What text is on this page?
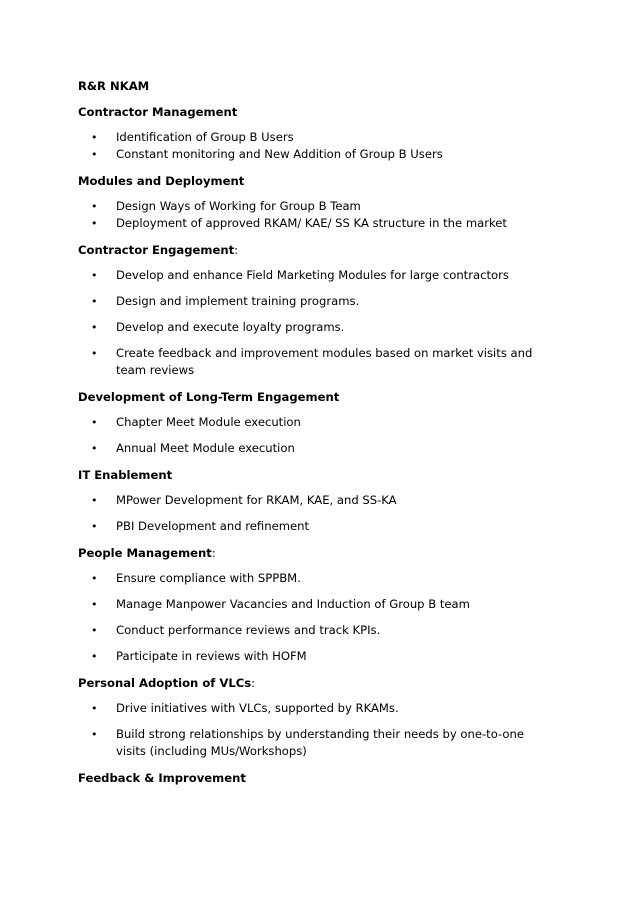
R&R NKAM
Contractor Management
• Identification of Group B Users
• Constant monitoring and New Addition of Group B Users
Modules and Deployment
• Design Ways of Working for Group B Team
• Deployment of approved RKAM/ KAE/ SS KA structure in the market
Contractor Engagement:
• Develop and enhance Field Marketing Modules for large contractors
• Design and implement training programs.
• Develop and execute loyalty programs.
• Create feedback and improvement modules based on market visits and team reviews
Development of Long-Term Engagement
• Chapter Meet Module execution
• Annual Meet Module execution
IT Enablement
• MPower Development for RKAM, KAE, and SS-KA
• PBI Development and refinement
People Management:
• Ensure compliance with SPPBM.
• Manage Manpower Vacancies and Induction of Group B team
• Conduct performance reviews and track KPIs.
• Participate in reviews with HOFM
Personal Adoption of VLCs:
• Drive initiatives with VLCs, supported by RKAMs.
• Build strong relationships by understanding their needs by one-to-one visits (including MUs/Workshops)
Feedback & Improvement
